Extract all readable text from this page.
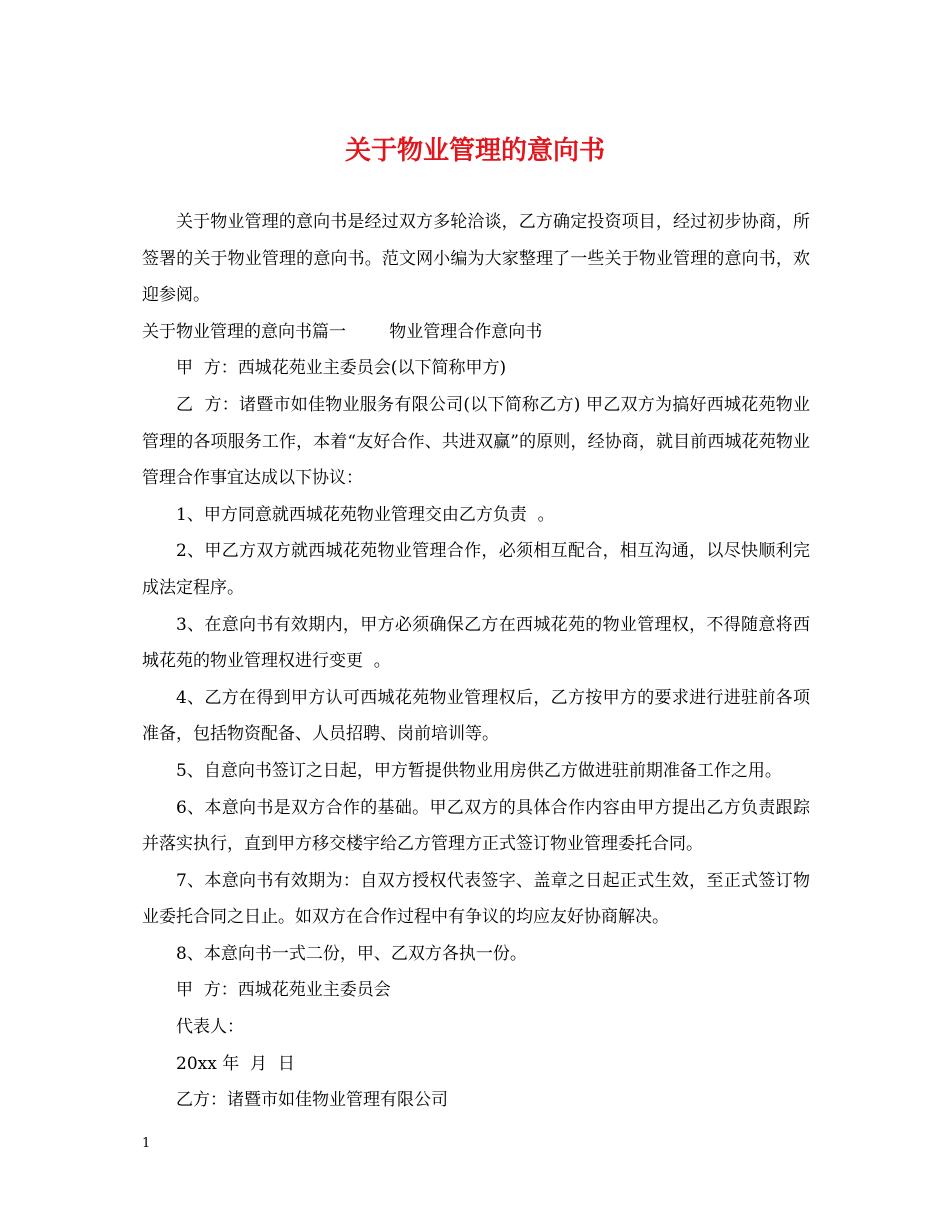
关于物业管理的意向书

关于物业管理的意向书是经过双方多轮洽谈，乙方确定投资项目，经过初步协商，所签署的关于物业管理的意向书。范文网小编为大家整理了一些关于物业管理的意向书，欢迎参阅。

关于物业管理的意向书篇一        物业管理合作意向书

甲  方：西城花苑业主委员会(以下简称甲方)

乙  方：诸暨市如佳物业服务有限公司(以下简称乙方) 甲乙双方为搞好西城花苑物业管理的各项服务工作，本着“友好合作、共进双赢”的原则，经协商，就目前西城花苑物业管理合作事宜达成以下协议：

1、甲方同意就西城花苑物业管理交由乙方负责  。

2、甲乙方双方就西城花苑物业管理合作，必须相互配合，相互沟通，以尽快顺利完成法定程序。

3、在意向书有效期内，甲方必须确保乙方在西城花苑的物业管理权，不得随意将西城花苑的物业管理权进行变更  。

4、乙方在得到甲方认可西城花苑物业管理权后，乙方按甲方的要求进行进驻前各项准备，包括物资配备、人员招聘、岗前培训等。

5、自意向书签订之日起，甲方暂提供物业用房供乙方做进驻前期准备工作之用。

6、本意向书是双方合作的基础。甲乙双方的具体合作内容由甲方提出乙方负责跟踪并落实执行，直到甲方移交楼宇给乙方管理方正式签订物业管理委托合同。

7、本意向书有效期为：自双方授权代表签字、盖章之日起正式生效，至正式签订物业委托合同之日止。如双方在合作过程中有争议的均应友好协商解决。

8、本意向书一式二份，甲、乙双方各执一份。

甲  方：西城花苑业主委员会

代表人：

20xx 年  月  日

乙方：诸暨市如佳物业管理有限公司

1
